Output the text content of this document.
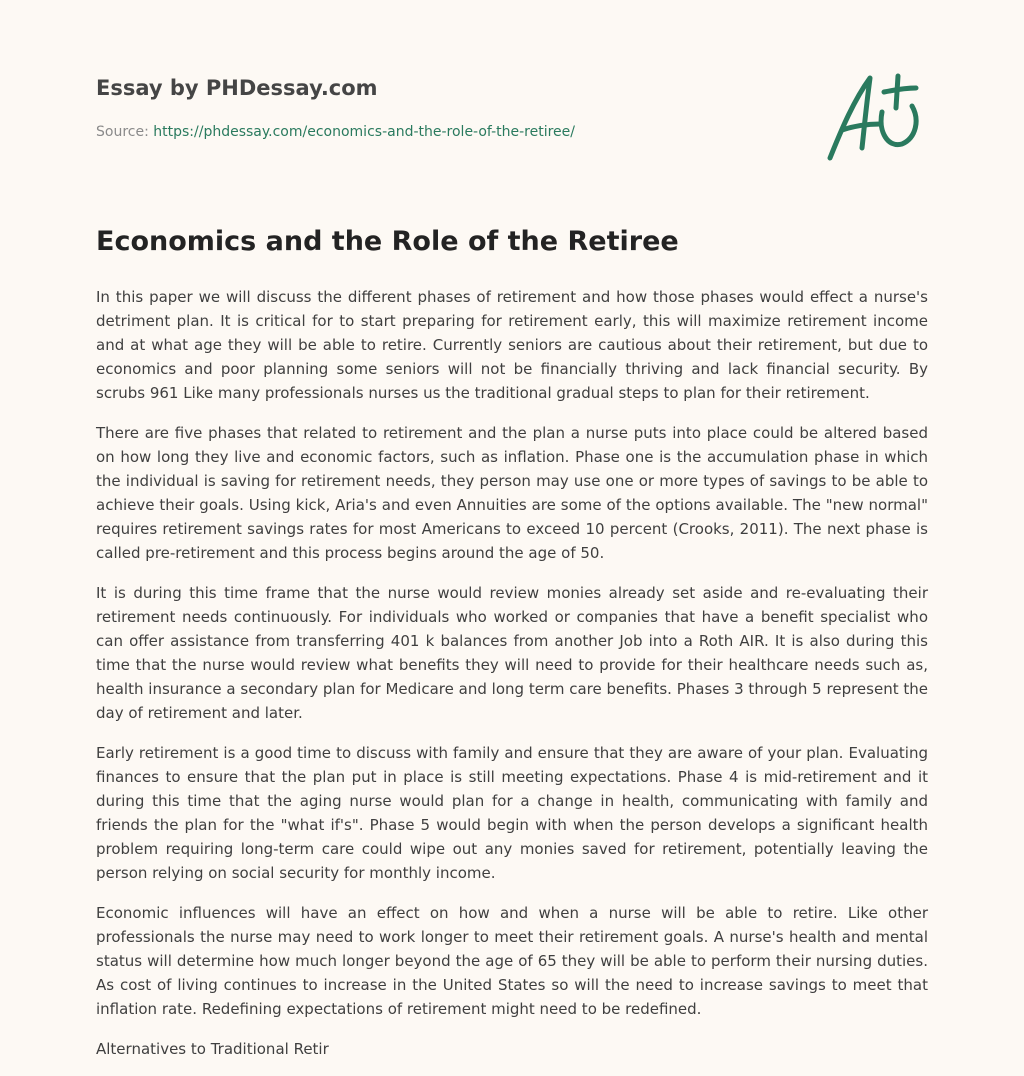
Essay by PHDessay.com
Source: https://phdessay.com/economics-and-the-role-of-the-retiree/
Economics and the Role of the Retiree

In this paper we will discuss the different phases of retirement and how those phases would effect a nurse's detriment plan. It is critical for to start preparing for retirement early, this will maximize retirement income and at what age they will be able to retire. Currently seniors are cautious about their retirement, but due to economics and poor planning some seniors will not be financially thriving and lack financial security. By scrubs 961 Like many professionals nurses us the traditional gradual steps to plan for their retirement.

There are five phases that related to retirement and the plan a nurse puts into place could be altered based on how long they live and economic factors, such as inflation. Phase one is the accumulation phase in which the individual is saving for retirement needs, they person may use one or more types of savings to be able to achieve their goals. Using kick, Aria's and even Annuities are some of the options available. The "new normal" requires retirement savings rates for most Americans to exceed 10 percent (Crooks, 2011). The next phase is called pre-retirement and this process begins around the age of 50.

It is during this time frame that the nurse would review monies already set aside and re-evaluating their retirement needs continuously. For individuals who worked or companies that have a benefit specialist who can offer assistance from transferring 401 k balances from another Job into a Roth AIR. It is also during this time that the nurse would review what benefits they will need to provide for their healthcare needs such as, health insurance a secondary plan for Medicare and long term care benefits. Phases 3 through 5 represent the day of retirement and later.

Early retirement is a good time to discuss with family and ensure that they are aware of your plan. Evaluating finances to ensure that the plan put in place is still meeting expectations. Phase 4 is mid-retirement and it during this time that the aging nurse would plan for a change in health, communicating with family and friends the plan for the "what if's". Phase 5 would begin with when the person develops a significant health problem requiring long-term care could wipe out any monies saved for retirement, potentially leaving the person relying on social security for monthly income.

Economic influences will have an effect on how and when a nurse will be able to retire. Like other professionals the nurse may need to work longer to meet their retirement goals. A nurse's health and mental status will determine how much longer beyond the age of 65 they will be able to perform their nursing duties. As cost of living continues to increase in the United States so will the need to increase savings to meet that inflation rate. Redefining expectations of retirement might need to be redefined.

Alternatives to Traditional Retir
